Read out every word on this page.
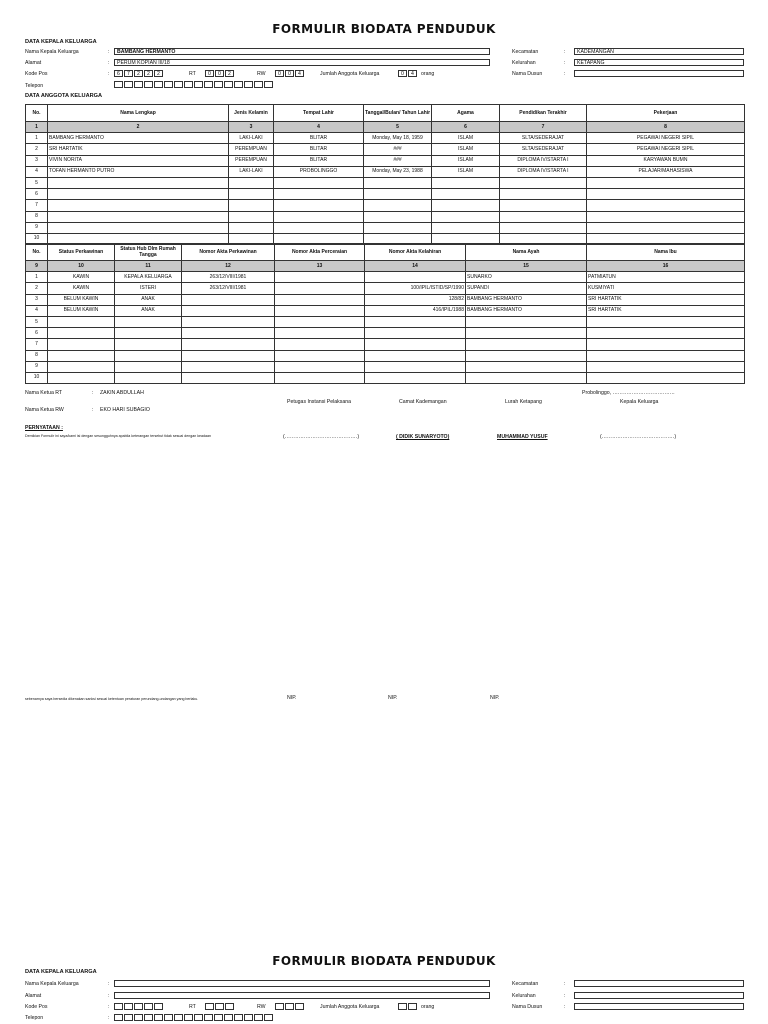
FORMULIR BIODATA PENDUDUK
DATA KEPALA KELUARGA
Nama Kepala Keluarga	:	BAMBANG HERMANTO
Alamat	:	PERUM KOPIAN III/18
Kode Pos	:	6	7	2	2	2	RT	0	0	2	RW	0	0	4	Jumlah Anggota Keluarga	0	4	orang
Telepon
Kecamatan	:	KADEMANGAN
Kelurahan	:	KETAPANG
Nama Dusun	:
DATA ANGGOTA KELUARGA
No.	Nama Lengkap	Jenis Kelamin	Tempat Lahir	Tanggal/Bulan/ Tahun Lahir	Agama	Pendidikan Terakhir	Pekerjaan
1	2	3	4	5	6	7	8
1	BAMBANG HERMANTO	LAKI-LAKI	BLITAR	Monday, May 18, 1959	ISLAM	SLTA/SEDERAJAT	PEGAWAI NEGERI SIPIL
2	SRI HARTATIK	PEREMPUAN	BLITAR	###	ISLAM	SLTA/SEDERAJAT	PEGAWAI NEGERI SIPIL
3	VIVIN NORITA	PEREMPUAN	BLITAR	###	ISLAM	DIPLOMA IV/STARTA I	KARYAWAN BUMN
4	TOFAN HERMANTO PUTRO	LAKI-LAKI	PROBOLINGGO	Monday, May 23, 1988	ISLAM	DIPLOMA IV/STARTA I	PELAJAR/MAHASISWA
5							
6							
7							
8							
9							
10							
No.	Status Perkawinan	Status Hub Dlm Rumah Tangga	Nomor Akta Perkawinan	Nomor Akta Perceraian	Nomor Akta Kelahiran	Nama Ayah	Nama Ibu
9	10	11	12	13	14	15	16
1	KAWIN	KEPALA KELUARGA	263/12/VIII/1981			SUNARKO	PATMIATUN
2	KAWIN	ISTERI	263/12/VIII/1981		100/IPIL/ISTID/SP/1990	SUPANDI	KUSMIYATI
3	BELUM KAWIN	ANAK			128/82	BAMBANG HERMANTO	SRI HARTATIK
4	BELUM KAWIN	ANAK			416/IPIL/1988	BAMBANG HERMANTO	SRI HARTATIK
5							
6							
7							
8							
9							
10							
Nama Ketua RT	: ZAKIN ABDULLAH
Nama Ketua RW	: EKO HARI SUBAGIO
Probolinggo, ………………………………
Petugas Instansi Pelaksana	Camat Kademangan	Lurah Ketapang	Kepala Keluarga
PERNYATAAN :
Demikian Formulir ini saya/kami isi dengan sesungguhnya apabila keterangan tersebut tidak sesuai dengan keadaan	(……………………………………)	( DIDIK SUNARYOTO)	MUHAMMAD YUSUF	(……………………………………)
sebenarnya saya bersedia dikenakan sanksi sesuai ketentuan peraturan perundang-undangan yang berlaku.	NIP.	NIP.	NIP.
FORMULIR BIODATA PENDUDUK
DATA KEPALA KELUARGA
Nama Kepala Keluarga	:
Alamat	:
Kode Pos	:	RT	RW	Jumlah Anggota Keluarga	orang
Telepon	:
Kecamatan	:
Kelurahan	:
Nama Dusun	:
